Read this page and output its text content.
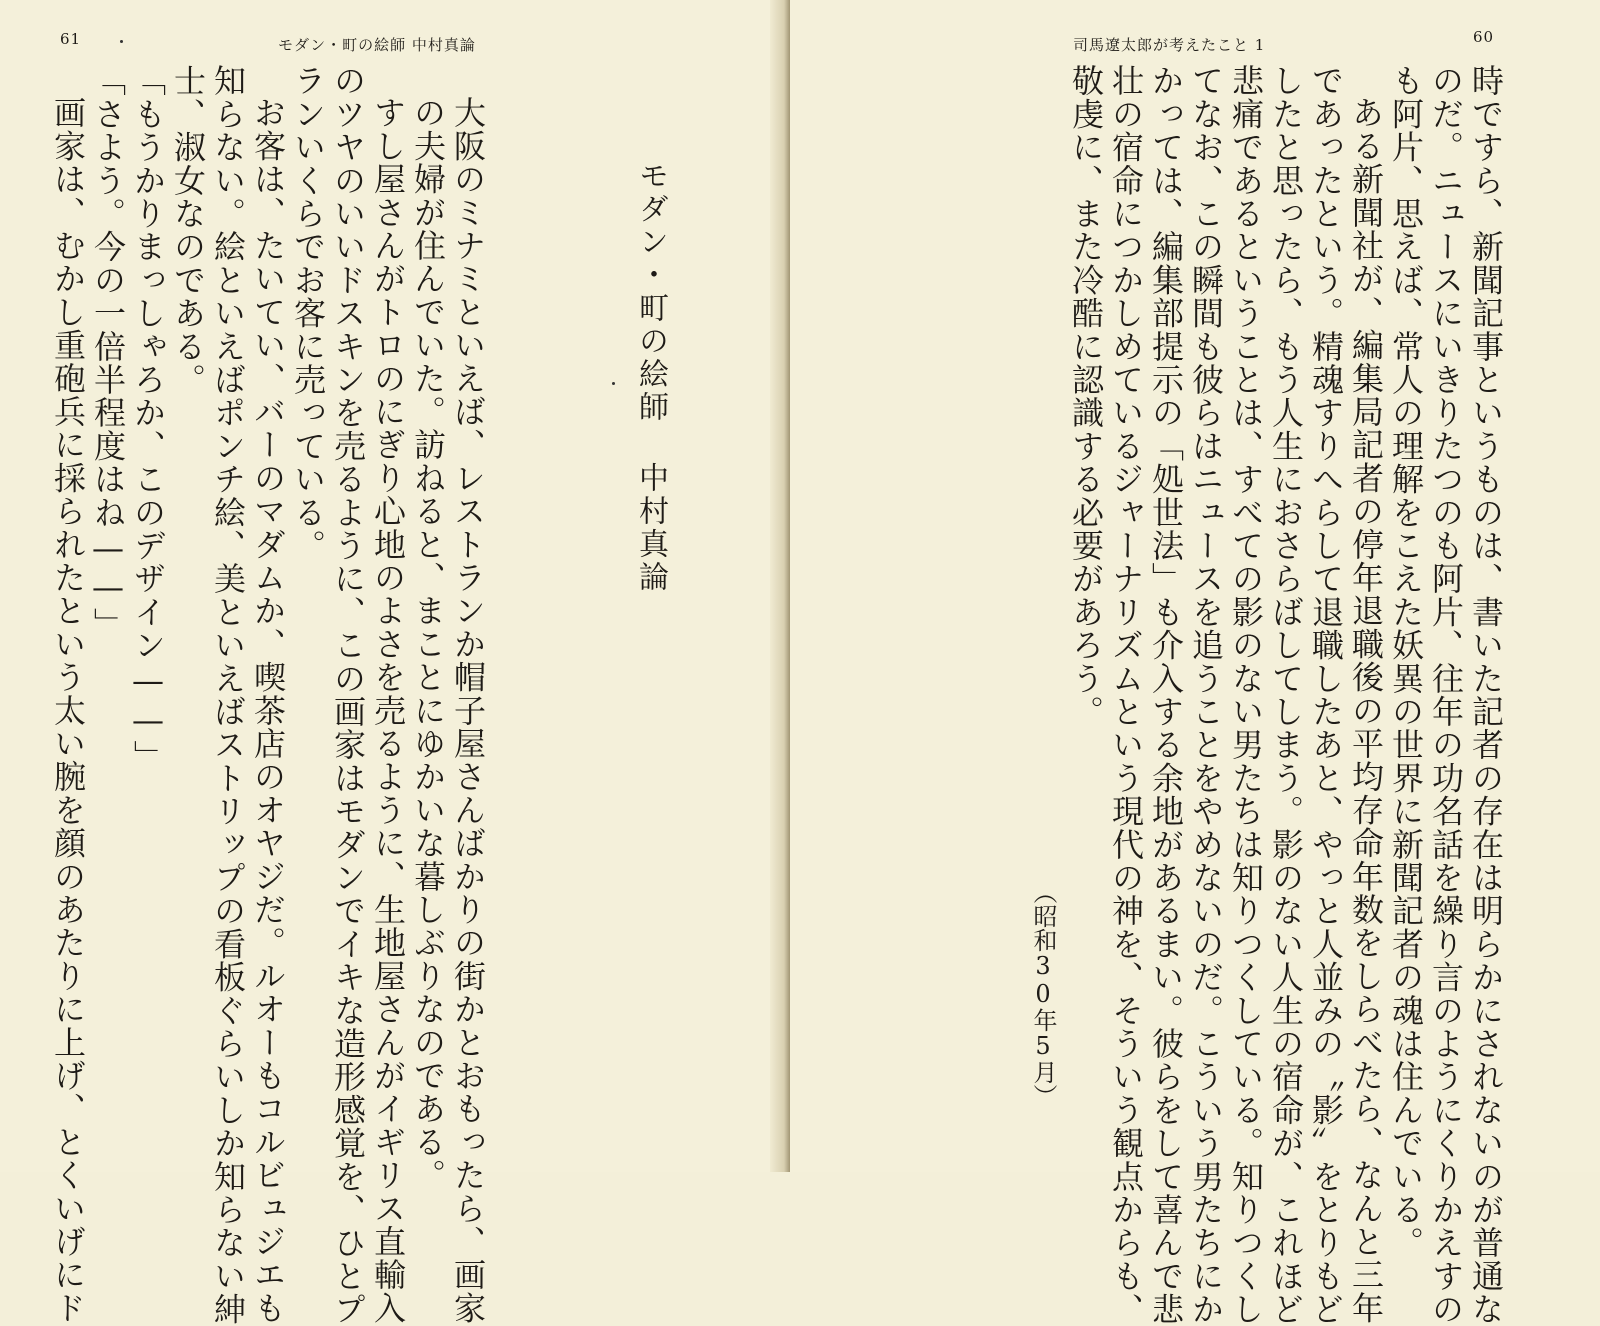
61	モダン・町の絵師 中村真論
モダン・町の絵師 中村真論
大阪のミナミといえば、レストランか帽子屋さんばかりの街かとおもったら、画家
の夫婦が住んでいた。訪ねると、まことにゆかいな暮しぶりなのである。
すし屋さんがトロのにぎり心地のよさを売るように、生地屋さんがイギリス直輸入
のツヤのいいドスキンを売るように、この画家はモダンでイキな造形感覚を、ひとプ
ランいくらでお客に売っている。
お客は、たいてい、バーのマダムか、喫茶店のオヤジだ。ルオーもコルビュジエも
知らない。絵といえばポンチ絵、美といえばストリップの看板ぐらいしか知らない紳
士、淑女なのである。
「もうかりまっしゃろか、このデザイン——」
「さよう。今の一倍半程度はね——」
画家は、むかし重砲兵に採られたという太い腕を顔のあたりに上げ、とくいげにド
司馬遼太郎が考えたこと 1	60
時ですら、新聞記事というものは、書いた記者の存在は明らかにされないのが普通な
のだ。ニュースにいきりたつのも阿片、往年の功名話を繰り言のようにくりかえすの
も阿片、思えば、常人の理解をこえた妖異の世界に新聞記者の魂は住んでいる。
ある新聞社が、編集局記者の停年退職後の平均存命年数をしらべたら、なんと三年
であったという。精魂すりへらして退職したあと、やっと人並みの〝影〟をとりもど
したと思ったら、もう人生におさらばしてしまう。影のない人生の宿命が、これほど
悲痛であるということは、すべての影のない男たちは知りつくしている。知りつくし
てなお、この瞬間も彼らはニュースを追うことをやめないのだ。こういう男たちにか
かっては、編集部提示の「処世法」も介入する余地があるまい。彼らをして喜んで悲
壮の宿命につかしめているジャーナリズムという現代の神を、そういう観点からも、
敬虔に、また冷酷に認識する必要があろう。
（昭和30年5月）
